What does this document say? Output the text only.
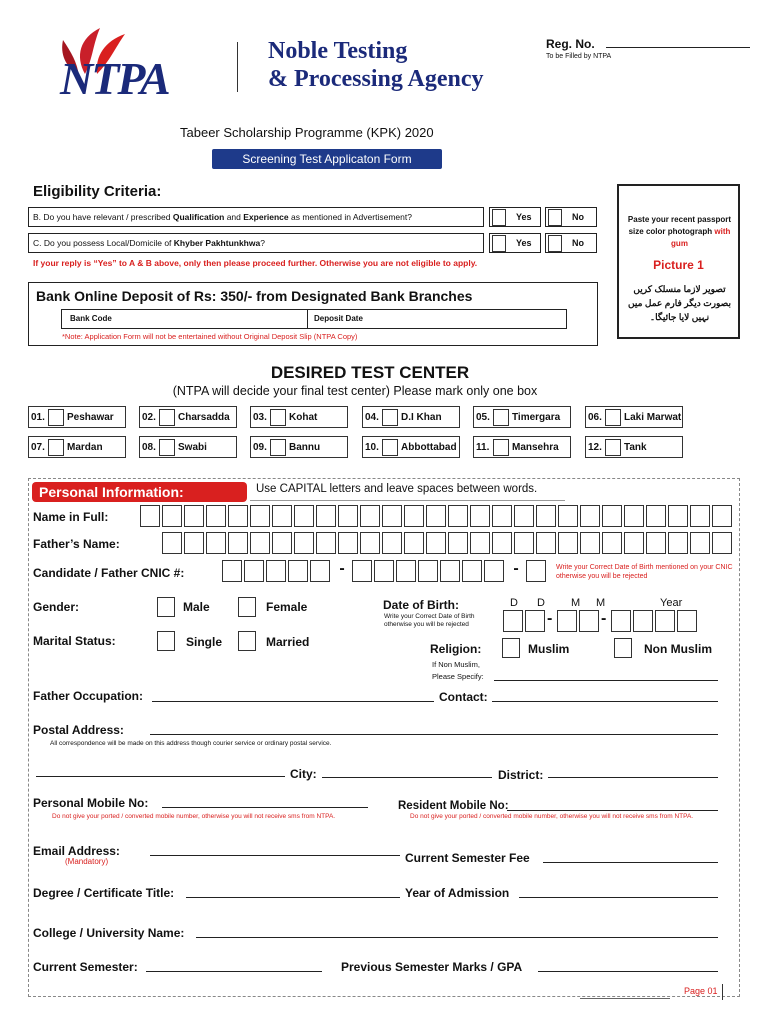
NTPA
Noble Testing
& Processing Agency
Reg. No.
To be Filled by NTPA
Tabeer Scholarship Programme (KPK) 2020
Screening Test Applicaton Form
Eligibility Criteria:
B. Do you have relevant / prescribed Qualification and Experience as mentioned in Advertisement?	Yes	No
C. Do you possess Local/Domicile of Khyber Pakhtunkhwa?	Yes	No
If your reply is “Yes” to A & B above, only then please proceed further. Otherwise you are not eligible to apply.
Paste your recent passport size color photograph with gum
Picture 1
تصویر لازما منسلک کریں بصورت دیگر فارم عمل میں نہیں لایا جائیگا۔
Bank Online Deposit of Rs: 350/- from Designated Bank Branches
Bank Code	Deposit Date
*Note: Application Form will not be entertained without Original Deposit Slip (NTPA Copy)
DESIRED TEST CENTER
(NTPA will decide your final test center) Please mark only one box
01. Peshawar	02. Charsadda 03. Kohat	04. D.I Khan	05. Timergara	06. Laki Marwat
07. Mardan	08. Swabi	09. Bannu	10. Abbottabad 11. Mansehra	12. Tank
Personal Information:	Use CAPITAL letters and leave spaces between words.
Name in Full:
Father’s Name:
Candidate / Father CNIC #:	-	-	Write your Correct Date of Birth mentioned on your CNIC otherwise you will be rejected
Gender:	Male	Female	Date of Birth:
Write your Correct Date of Birth otherwise you will be rejected
D D M M	Year
-	-
Marital Status:	Single	Married	Religion:	Muslim	Non Muslim
If Non Muslim,
Please Specify:
Father Occupation:	Contact:
Postal Address:
All correspondence will be made on this address though courier service or ordinary postal service.
City:	District:
Personal Mobile No:
Do not give your ported / converted mobile number, otherwise you will not receive sms from NTPA.
Resident Mobile No:
Do not give your ported / converted mobile number, otherwise you will not receive sms from NTPA.
Email Address:
(Mandatory)	Current Semester Fee
Degree / Certificate Title:	Year of Admission
College / University Name:
Current Semester:	Previous Semester Marks / GPA
Page 01
